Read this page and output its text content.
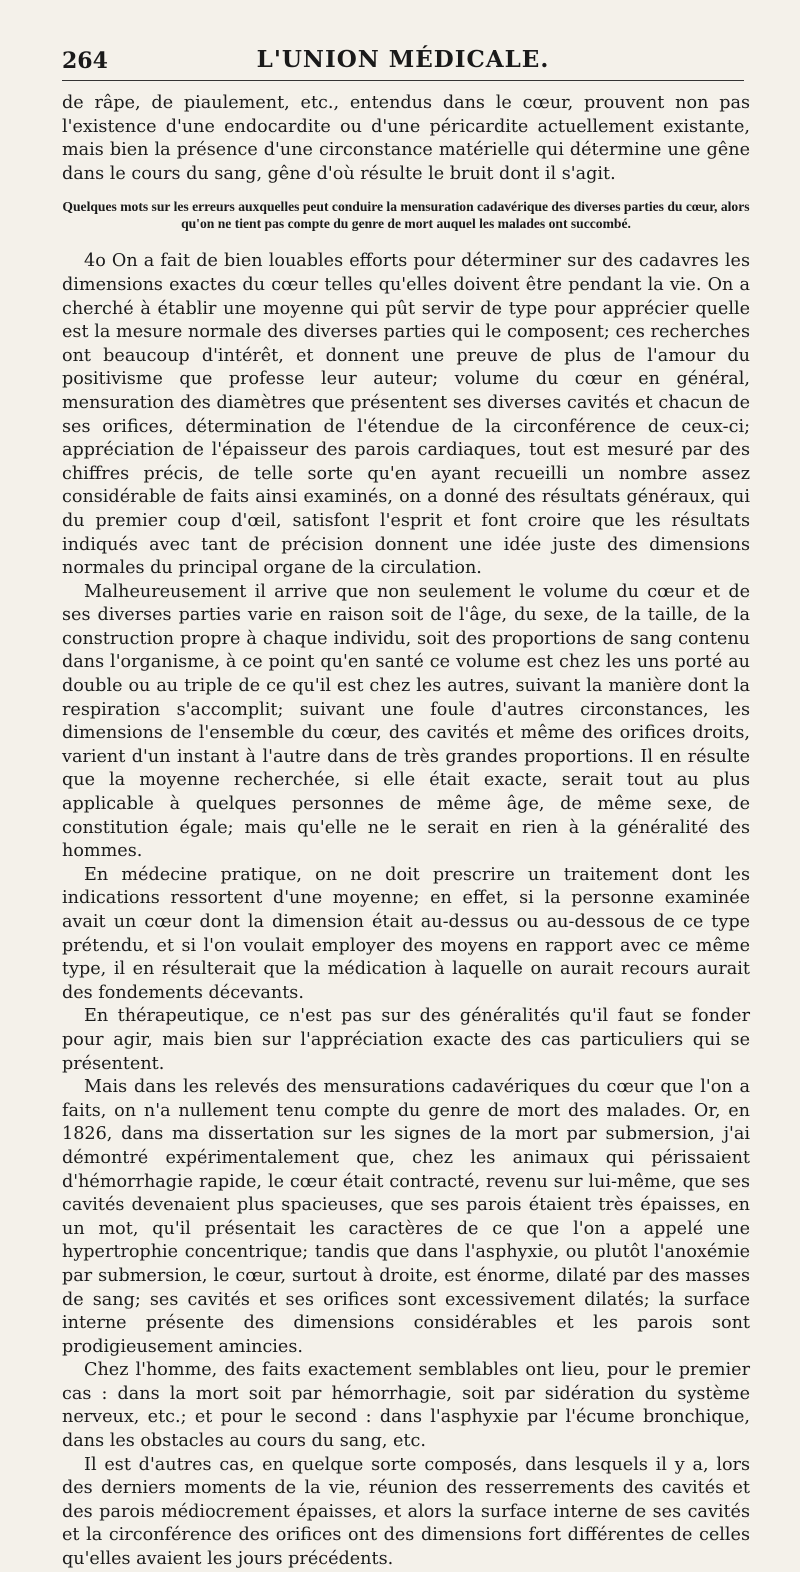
264	L'UNION MÉDICALE.

de râpe, de piaulement, etc., entendus dans le cœur, prouvent non pas l'existence d'une endocardite ou d'une péricardite actuellement existante, mais bien la présence d'une circonstance matérielle qui détermine une gêne dans le cours du sang, gêne d'où résulte le bruit dont il s'agit.

Quelques mots sur les erreurs auxquelles peut conduire la mensuration cadavérique des diverses parties du cœur, alors qu'on ne tient pas compte du genre de mort auquel les malades ont succombé.

4o On a fait de bien louables efforts pour déterminer sur des cadavres les dimensions exactes du cœur telles qu'elles doivent être pendant la vie. On a cherché à établir une moyenne qui pût servir de type pour apprécier quelle est la mesure normale des diverses parties qui le composent; ces recherches ont beaucoup d'intérêt, et donnent une preuve de plus de l'amour du positivisme que professe leur auteur; volume du cœur en général, mensuration des diamètres que présentent ses diverses cavités et chacun de ses orifices, détermination de l'étendue de la circonférence de ceux-ci; appréciation de l'épaisseur des parois cardiaques, tout est mesuré par des chiffres précis, de telle sorte qu'en ayant recueilli un nombre assez considérable de faits ainsi examinés, on a donné des résultats généraux, qui du premier coup d'œil, satisfont l'esprit et font croire que les résultats indiqués avec tant de précision donnent une idée juste des dimensions normales du principal organe de la circulation.

Malheureusement il arrive que non seulement le volume du cœur et de ses diverses parties varie en raison soit de l'âge, du sexe, de la taille, de la construction propre à chaque individu, soit des proportions de sang contenu dans l'organisme, à ce point qu'en santé ce volume est chez les uns porté au double ou au triple de ce qu'il est chez les autres, suivant la manière dont la respiration s'accomplit; suivant une foule d'autres circonstances, les dimensions de l'ensemble du cœur, des cavités et même des orifices droits, varient d'un instant à l'autre dans de très grandes proportions. Il en résulte que la moyenne recherchée, si elle était exacte, serait tout au plus applicable à quelques personnes de même âge, de même sexe, de constitution égale; mais qu'elle ne le serait en rien à la généralité des hommes.

En médecine pratique, on ne doit prescrire un traitement dont les indications ressortent d'une moyenne; en effet, si la personne examinée avait un cœur dont la dimension était au-dessus ou au-dessous de ce type prétendu, et si l'on voulait employer des moyens en rapport avec ce même type, il en résulterait que la médication à laquelle on aurait recours aurait des fondements décevants.

En thérapeutique, ce n'est pas sur des généralités qu'il faut se fonder pour agir, mais bien sur l'appréciation exacte des cas particuliers qui se présentent.

Mais dans les relevés des mensurations cadavériques du cœur que l'on a faits, on n'a nullement tenu compte du genre de mort des malades. Or, en 1826, dans ma dissertation sur les signes de la mort par submersion, j'ai démontré expérimentalement que, chez les animaux qui périssaient d'hémorrhagie rapide, le cœur était contracté, revenu sur lui-même, que ses cavités devenaient plus spacieuses, que ses parois étaient très épaisses, en un mot, qu'il présentait les caractères de ce que l'on a appelé une hypertrophie concentrique; tandis que dans l'asphyxie, ou plutôt l'anoxémie par submersion, le cœur, surtout à droite, est énorme, dilaté par des masses de sang; ses cavités et ses orifices sont excessivement dilatés; la surface interne présente des dimensions considérables et les parois sont prodigieusement amincies.

Chez l'homme, des faits exactement semblables ont lieu, pour le premier cas : dans la mort soit par hémorrhagie, soit par sidération du système nerveux, etc.; et pour le second : dans l'asphyxie par l'écume bronchique, dans les obstacles au cours du sang, etc.

Il est d'autres cas, en quelque sorte composés, dans lesquels il y a, lors des derniers moments de la vie, réunion des resserrements des cavités et des parois médiocrement épaisses, et alors la surface interne de ses cavités et la circonférence des orifices ont des dimensions fort différentes de celles qu'elles avaient les jours précédents.
